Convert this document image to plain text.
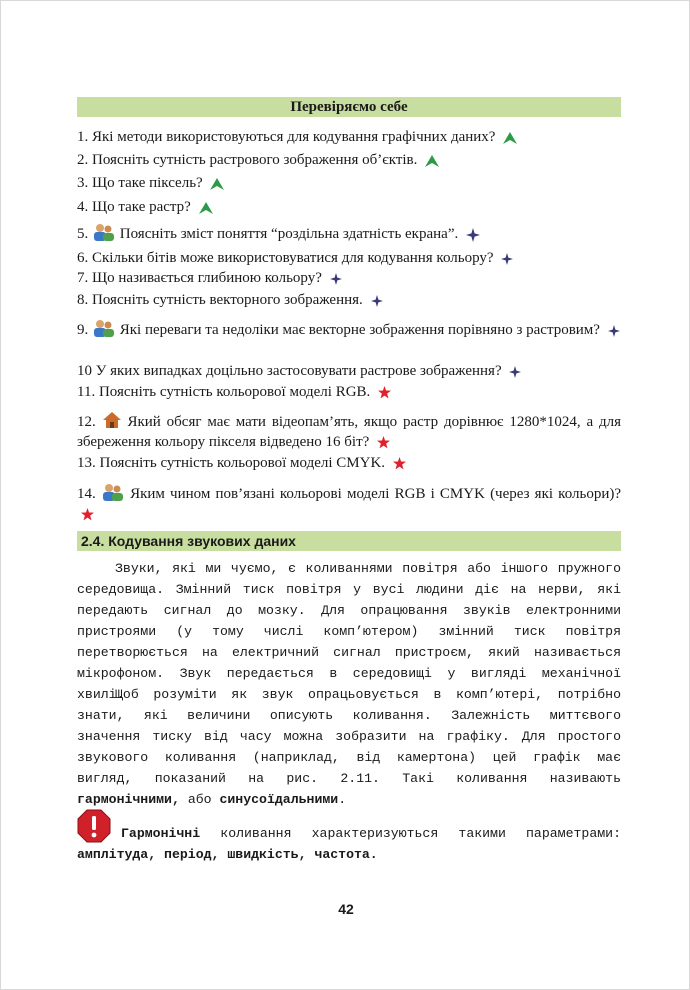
Перевіряємо себе
1. Які методи використовуються для кодування графічних даних?
2. Поясніть сутність растрового зображення об’єктів.
3. Що таке піксель?
4. Що таке растр?
5. Поясніть зміст поняття “роздільна здатність екрана”.
6. Скільки бітів може використовуватися для кодування кольору?
7. Що називається глибиною кольору?
8. Поясніть сутність векторного зображення.
9. Які переваги та недоліки має векторне зображення порівняно з растровим?
10 У яких випадках доцільно застосовувати растрове зображення?
11. Поясніть сутність кольорової моделі RGB.
12. Який обсяг має мати відеопам’ять, якщо растр дорівнює 1280*1024, а для збереження кольору пікселя відведено 16 біт?
13. Поясніть сутність кольорової моделі CMYK.
14. Яким чином пов’язані кольорові моделі RGB і CMYK (через які кольори)?
2.4. Кодування звукових даних
Звуки, які ми чуємо, є коливаннями повітря або іншого пружного середовища. Змінний тиск повітря у вусі людини діє на нерви, які передають сигнал до мозку. Для опрацювання звуків електронними пристроями (у тому числі комп’ютером) змінний тиск повітря перетворюється на електричний сигнал пристроєм, який називається мікрофоном. Звук передається в середовищі у вигляді механічної хвилі.
Щоб розуміти як звук опрацьовується в комп’ютері, потрібно знати, які величини описують коливання. Залежність миттєвого значення тиску від часу можна зобразити на графіку. Для простого звукового коливання (наприклад, від камертона) цей графік має вигляд, показаний на рис. 2.11. Такі коливання називають гармонічними, або синусоїдальними.
Гармонічні коливання характеризуються такими параметрами: амплітуда, період, швидкість, частота.
42
